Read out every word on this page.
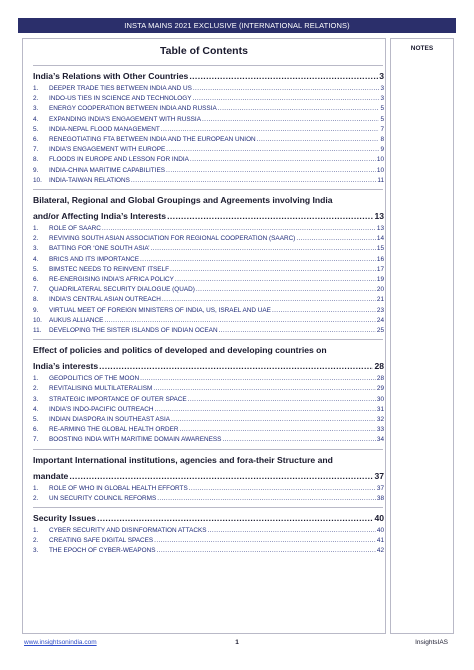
INSTA MAINS 2021 EXCLUSIVE (INTERNATIONAL RELATIONS)
Table of Contents
India’s Relations with Other Countries .....	3
1.	DEEPER TRADE TIES BETWEEN INDIA AND US .....	3
2.	INDO-US TIES IN SCIENCE AND TECHNOLOGY .....	3
3.	ENERGY COOPERATION BETWEEN INDIA AND RUSSIA .....	5
4.	EXPANDING INDIA’S ENGAGEMENT WITH RUSSIA .....	5
5.	INDIA-NEPAL FLOOD MANAGEMENT .....	7
6.	RENEGOTIATING FTA BETWEEN INDIA AND THE EUROPEAN UNION .....	8
7.	INDIA’S ENGAGEMENT WITH EUROPE .....	9
8.	FLOODS IN EUROPE AND LESSON FOR INDIA .....	10
9.	INDIA-CHINA MARITIME CAPABILITIES .....	10
10.	INDIA-TAIWAN RELATIONS .....	11
Bilateral, Regional and Global Groupings and Agreements involving India
and/or Affecting India’s Interests .....	13
1.	ROLE OF SAARC .....	13
2.	REVIVING SOUTH ASIAN ASSOCIATION FOR REGIONAL COOPERATION (SAARC) .....	14
3.	BATTING FOR ‘ONE SOUTH ASIA’ .....	15
4.	BRICS AND ITS IMPORTANCE .....	16
5.	BIMSTEC NEEDS TO REINVENT ITSELF .....	17
6.	RE-ENERGISING INDIA’S AFRICA POLICY .....	19
7.	QUADRILATERAL SECURITY DIALOGUE (QUAD) .....	20
8.	INDIA’S CENTRAL ASIAN OUTREACH .....	21
9.	VIRTUAL MEET OF FOREIGN MINISTERS OF INDIA, US, ISRAEL AND UAE .....	23
10.	AUKUS ALLIANCE .....	24
11.	DEVELOPING THE SISTER ISLANDS OF INDIAN OCEAN .....	25
Effect of policies and politics of developed and developing countries on
India’s interests .....	28
1.	GEOPOLITICS OF THE MOON .....	28
2.	REVITALISING MULTILATERALISM .....	29
3.	STRATEGIC IMPORTANCE OF OUTER SPACE .....	30
4.	INDIA’S INDO-PACIFIC OUTREACH .....	31
5.	INDIAN DIASPORA IN SOUTHEAST ASIA .....	32
6.	RE-ARMING THE GLOBAL HEALTH ORDER .....	33
7.	BOOSTING INDIA WITH MARITIME DOMAIN AWARENESS .....	34
Important International institutions, agencies and fora-their Structure and
mandate .....	37
1.	ROLE OF WHO IN GLOBAL HEALTH EFFORTS .....	37
2.	UN SECURITY COUNCIL REFORMS .....	38
Security Issues .....	40
1.	CYBER SECURITY AND DISINFORMATION ATTACKS .....	40
2.	CREATING SAFE DIGITAL SPACES .....	41
3.	THE EPOCH OF CYBER-WEAPONS .....	42
NOTES
www.insightsonindia.com	1	InsightsIAS
